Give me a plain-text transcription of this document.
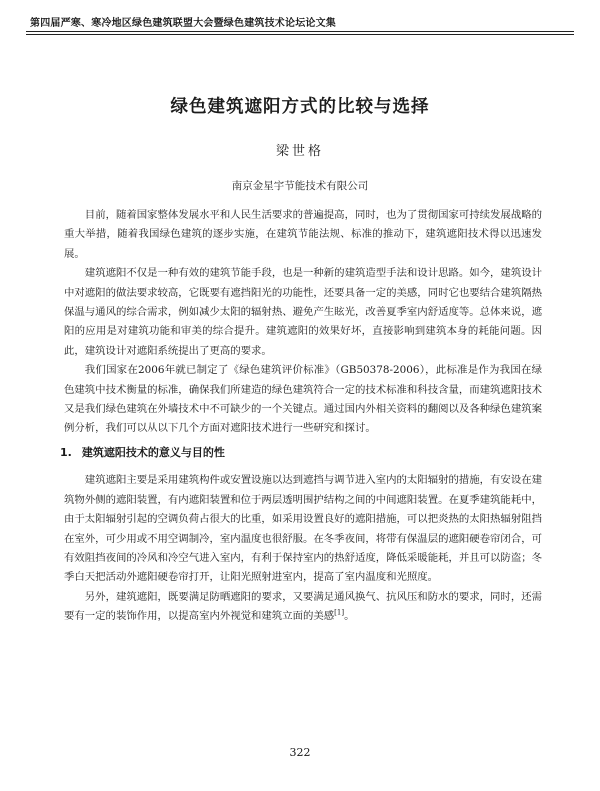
第四届严寒、寒冷地区绿色建筑联盟大会暨绿色建筑技术论坛论文集
绿色建筑遮阳方式的比较与选择
梁世格
南京金星宇节能技术有限公司

目前，随着国家整体发展水平和人民生活要求的普遍提高，同时，也为了贯彻国家可持续发展战略的重大举措，随着我国绿色建筑的逐步实施，在建筑节能法规、标准的推动下，建筑遮阳技术得以迅速发展。

建筑遮阳不仅是一种有效的建筑节能手段，也是一种新的建筑造型手法和设计思路。如今，建筑设计中对遮阳的做法要求较高，它既要有遮挡阳光的功能性，还要具备一定的美感，同时它也要结合建筑隔热保温与通风的综合需求，例如减少太阳的辐射热、避免产生眩光，改善夏季室内舒适度等。总体来说，遮阳的应用是对建筑功能和审美的综合提升。建筑遮阳的效果好坏，直接影响到建筑本身的耗能问题。因此，建筑设计对遮阳系统提出了更高的要求。

我们国家在2006年就已制定了《绿色建筑评价标准》（GB50378-2006），此标准是作为我国在绿色建筑中技术衡量的标准，确保我们所建造的绿色建筑符合一定的技术标准和科技含量，而建筑遮阳技术又是我们绿色建筑在外墙技术中不可缺少的一个关键点。通过国内外相关资料的翻阅以及各种绿色建筑案例分析，我们可以从以下几个方面对遮阳技术进行一些研究和探讨。

1. 建筑遮阳技术的意义与目的性

建筑遮阳主要是采用建筑构件或安置设施以达到遮挡与调节进入室内的太阳辐射的措施，有安设在建筑物外侧的遮阳装置，有内遮阳装置和位于两层透明围护结构之间的中间遮阳装置。在夏季建筑能耗中，由于太阳辐射引起的空调负荷占很大的比重，如采用设置良好的遮阳措施，可以把炎热的太阳热辐射阻挡在室外，可少用或不用空调制冷，室内温度也很舒服。在冬季夜间，将带有保温层的遮阳硬卷帘闭合，可有效阻挡夜间的冷风和冷空气进入室内，有利于保持室内的热舒适度，降低采暖能耗，并且可以防盗；冬季白天把活动外遮阳硬卷帘打开，让阳光照射进室内，提高了室内温度和光照度。

另外，建筑遮阳，既要满足防晒遮阳的要求，又要满足通风换气、抗风压和防水的要求，同时，还需要有一定的装饰作用，以提高室内外视觉和建筑立面的美感[1]。

322
